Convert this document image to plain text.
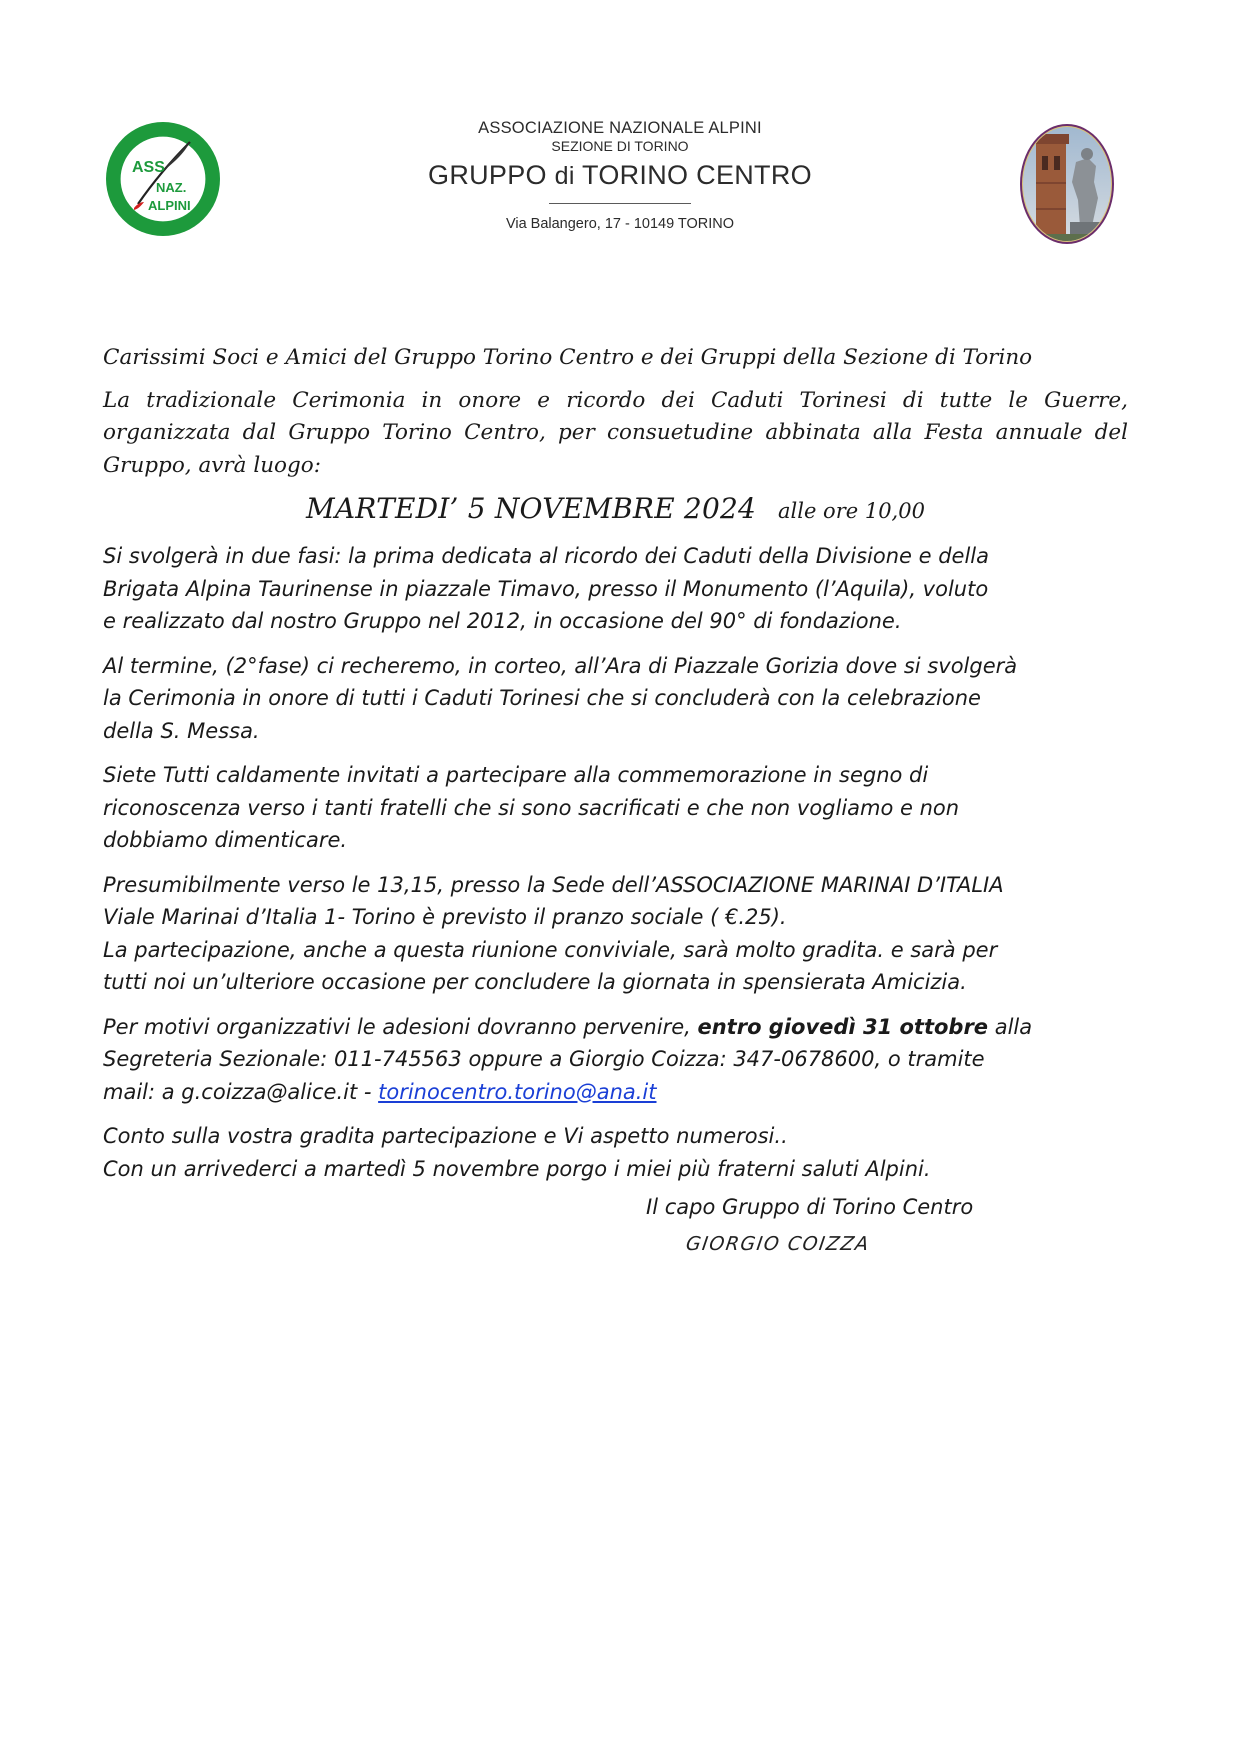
ASS
NAZ.
ALPINI
ASSOCIAZIONE NAZIONALE ALPINI
SEZIONE DI TORINO
GRUPPO di TORINO CENTRO
Via Balangero, 17 - 10149 TORINO

Carissimi Soci e Amici del Gruppo Torino Centro e dei Gruppi della Sezione di Torino

La tradizionale Cerimonia in onore e ricordo dei Caduti Torinesi di tutte le Guerre, organizzata dal Gruppo Torino Centro, per consuetudine abbinata alla Festa annuale del Gruppo, avrà luogo:

MARTEDI’ 5 NOVEMBRE 2024 alle ore 10,00

Si svolgerà in due fasi: la prima dedicata al ricordo dei Caduti della Divisione e della
Brigata Alpina Taurinense in piazzale Timavo, presso il Monumento (l’Aquila), voluto
e realizzato dal nostro Gruppo nel 2012, in occasione del 90° di fondazione.

Al termine, (2°fase) ci recheremo, in corteo, all’Ara di Piazzale Gorizia dove si svolgerà
la Cerimonia in onore di tutti i Caduti Torinesi che si concluderà con la celebrazione
della S. Messa.

Siete Tutti caldamente invitati a partecipare alla commemorazione in segno di
riconoscenza verso i tanti fratelli che si sono sacrificati e che non vogliamo e non
dobbiamo dimenticare.

Presumibilmente verso le 13,15, presso la Sede dell’ASSOCIAZIONE MARINAI D’ITALIA
Viale Marinai d’Italia 1- Torino è previsto il pranzo sociale ( €.25).
La partecipazione, anche a questa riunione conviviale, sarà molto gradita. e sarà per
tutti noi un’ulteriore occasione per concludere la giornata in spensierata Amicizia.

Per motivi organizzativi le adesioni dovranno pervenire, entro giovedì 31 ottobre alla
Segreteria Sezionale: 011-745563 oppure a Giorgio Coizza: 347-0678600, o tramite
mail: a g.coizza@alice.it - torinocentro.torino@ana.it

Conto sulla vostra gradita partecipazione e Vi aspetto numerosi..

Con un arrivederci a martedì 5 novembre porgo i miei più fraterni saluti Alpini.

Il capo Gruppo di Torino Centro
GIORGIO COIZZA
